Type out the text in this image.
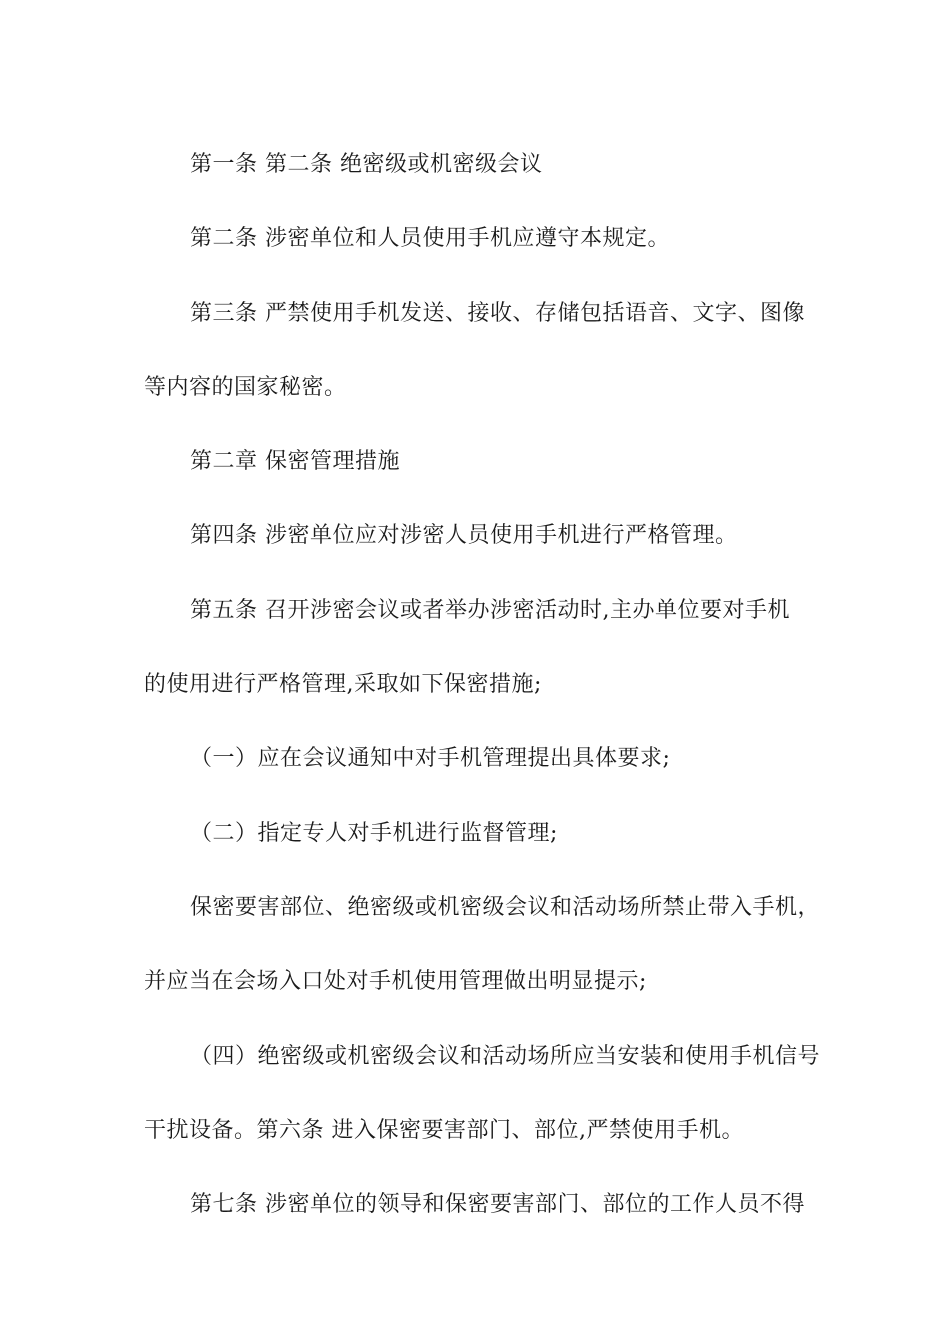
第一条 第二条 绝密级或机密级会议

第二条 涉密单位和人员使用手机应遵守本规定。

第三条 严禁使用手机发送、接收、存储包括语音、文字、图像

等内容的国家秘密。

第二章 保密管理措施

第四条 涉密单位应对涉密人员使用手机进行严格管理。

第五条 召开涉密会议或者举办涉密活动时,主办单位要对手机

的使用进行严格管理,采取如下保密措施;

（一）应在会议通知中对手机管理提出具体要求;

（二）指定专人对手机进行监督管理;

保密要害部位、绝密级或机密级会议和活动场所禁止带入手机，

并应当在会场入口处对手机使用管理做出明显提示;

（四）绝密级或机密级会议和活动场所应当安装和使用手机信号

干扰设备。第六条 进入保密要害部门、部位,严禁使用手机。

第七条 涉密单位的领导和保密要害部门、部位的工作人员不得
